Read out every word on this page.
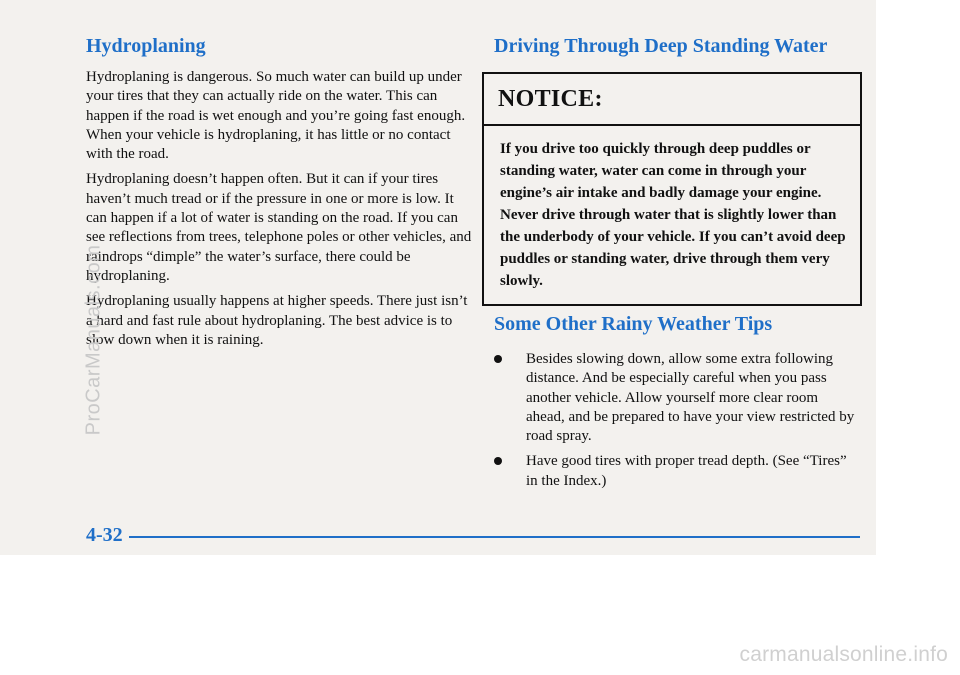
Hydroplaning

Hydroplaning is dangerous. So much water can build up under your tires that they can actually ride on the water. This can happen if the road is wet enough and you’re going fast enough. When your vehicle is hydroplaning, it has little or no contact with the road.

Hydroplaning doesn’t happen often. But it can if your tires haven’t much tread or if the pressure in one or more is low. It can happen if a lot of water is standing on the road. If you can see reflections from trees, telephone poles or other vehicles, and raindrops “dimple” the water’s surface, there could be hydroplaning.

Hydroplaning usually happens at higher speeds. There just isn’t a hard and fast rule about hydroplaning. The best advice is to slow down when it is raining.

Driving Through Deep Standing Water
NOTICE:
If you drive too quickly through deep puddles or standing water, water can come in through your engine’s air intake and badly damage your engine. Never drive through water that is slightly lower than the underbody of your vehicle. If you can’t avoid deep puddles or standing water, drive through them very slowly.
Some Other Rainy Weather Tips
Besides slowing down, allow some extra following distance. And be especially careful when you pass another vehicle. Allow yourself more clear room ahead, and be prepared to have your view restricted by road spray.
Have good tires with proper tread depth. (See “Tires” in the Index.)
4-32
ProCarManuals.com
carmanualsonline.info
